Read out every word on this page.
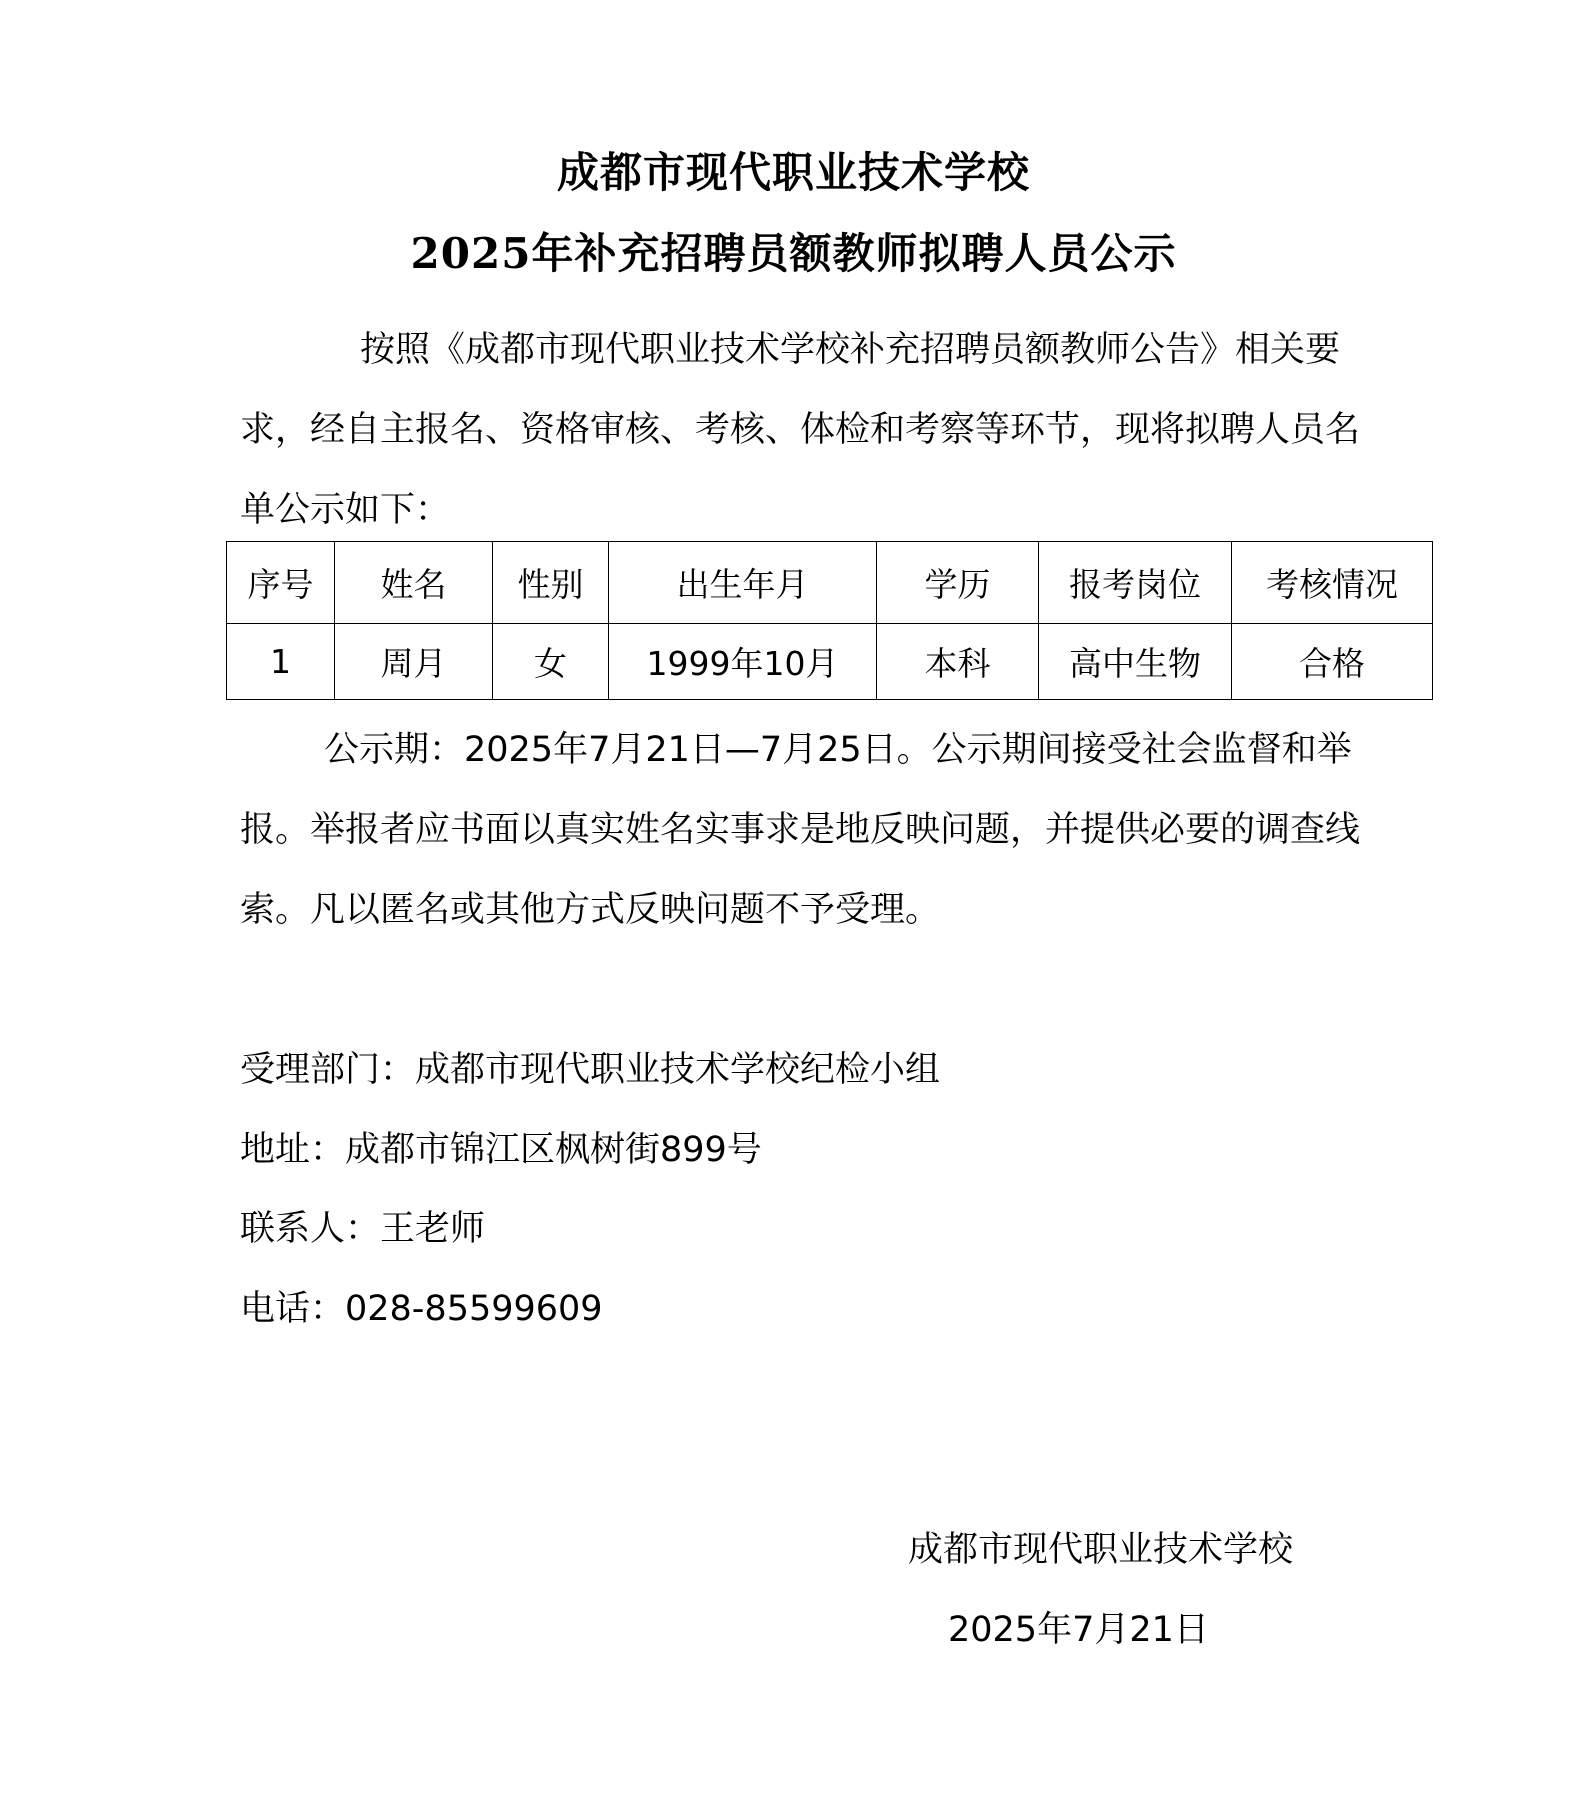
成都市现代职业技术学校
2025年补充招聘员额教师拟聘人员公示
按照《成都市现代职业技术学校补充招聘员额教师公告》相关要求，经自主报名、资格审核、考核、体检和考察等环节，现将拟聘人员名单公示如下：
序号	姓名	性别	出生年月	学历	报考岗位	考核情况
1	周月	女	1999年10月	本科	高中生物	合格
公示期：2025年7月21日—7月25日。公示期间接受社会监督和举报。举报者应书面以真实姓名实事求是地反映问题，并提供必要的调查线索。凡以匿名或其他方式反映问题不予受理。
受理部门：成都市现代职业技术学校纪检小组
地址：成都市锦江区枫树街899号
联系人：王老师
电话：028-85599609
成都市现代职业技术学校
2025年7月21日
